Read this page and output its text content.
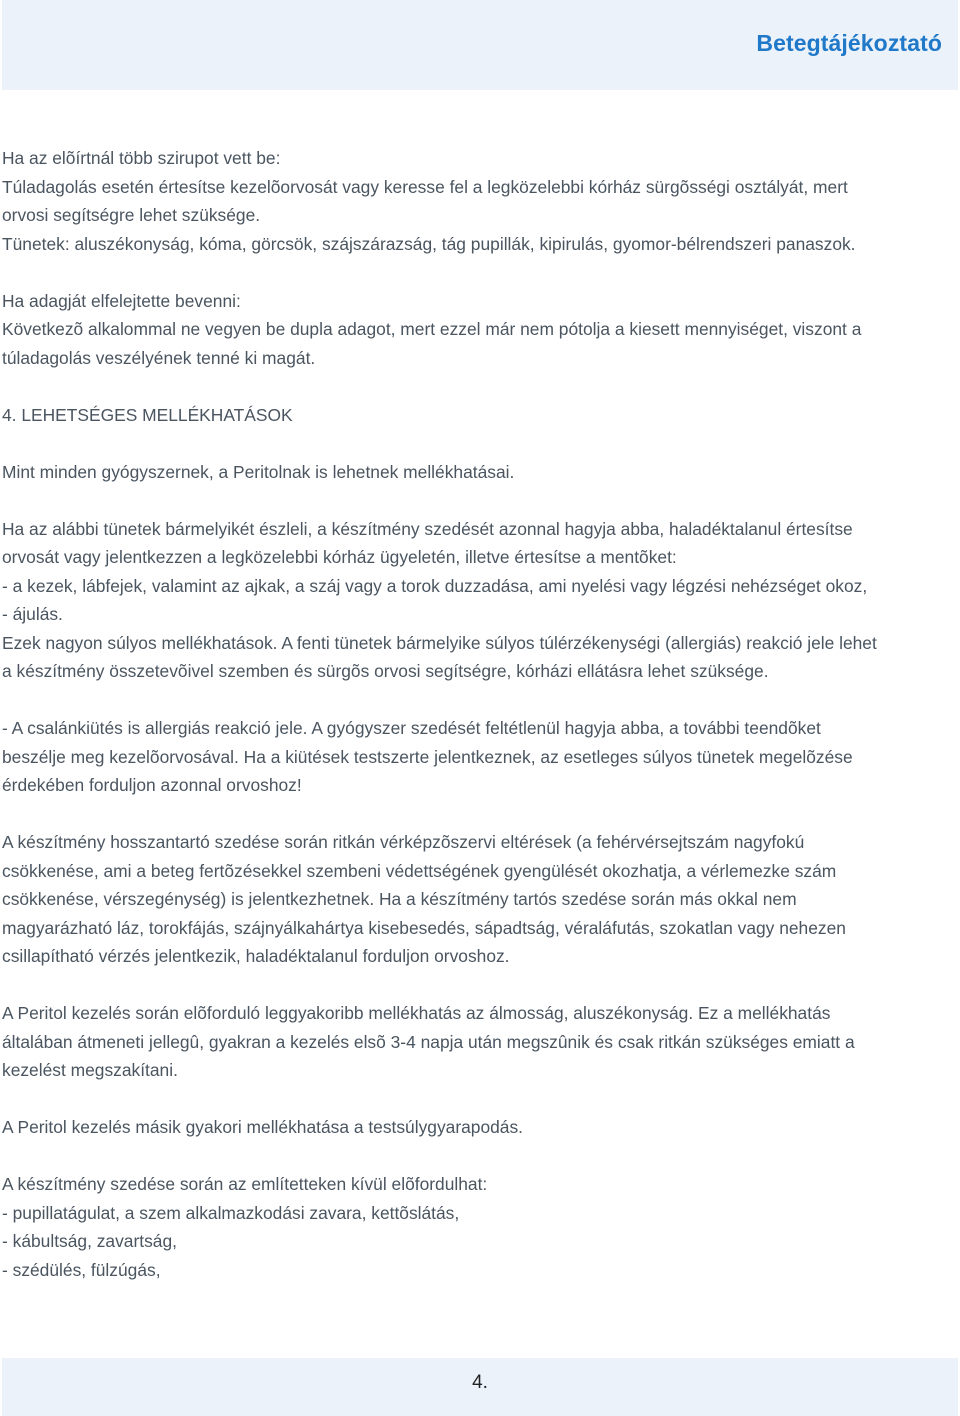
Betegtájékoztató

Ha az elõírtnál több szirupot vett be:

Túladagolás esetén értesítse kezelõorvosát vagy keresse fel a legközelebbi kórház sürgõsségi osztályát, mert

orvosi segítségre lehet szüksége.

Tünetek: aluszékonyság, kóma, görcsök, szájszárazság, tág pupillák, kipirulás, gyomor-bélrendszeri panaszok.

Ha adagját elfelejtette bevenni:

Következõ alkalommal ne vegyen be dupla adagot, mert ezzel már nem pótolja a kiesett mennyiséget, viszont a

túladagolás veszélyének tenné ki magát.

4. LEHETSÉGES MELLÉKHATÁSOK

Mint minden gyógyszernek, a Peritolnak is lehetnek mellékhatásai.

Ha az alábbi tünetek bármelyikét észleli, a készítmény szedését azonnal hagyja abba, haladéktalanul értesítse

orvosát vagy jelentkezzen a legközelebbi kórház ügyeletén, illetve értesítse a mentõket:

- a kezek, lábfejek, valamint az ajkak, a száj vagy a torok duzzadása, ami nyelési vagy légzési nehézséget okoz,

- ájulás.

Ezek nagyon súlyos mellékhatások. A fenti tünetek bármelyike súlyos túlérzékenységi (allergiás) reakció jele lehet

a készítmény összetevõivel szemben és sürgõs orvosi segítségre, kórházi ellátásra lehet szüksége.

- A csalánkiütés is allergiás reakció jele. A gyógyszer szedését feltétlenül hagyja abba, a további teendõket

beszélje meg kezelõorvosával. Ha a kiütések testszerte jelentkeznek, az esetleges súlyos tünetek megelõzése

érdekében forduljon azonnal orvoshoz!

A készítmény hosszantartó szedése során ritkán vérképzõszervi eltérések (a fehérvérsejtszám nagyfokú

csökkenése, ami a beteg fertõzésekkel szembeni védettségének gyengülését okozhatja, a vérlemezke szám

csökkenése, vérszegénység) is jelentkezhetnek. Ha a készítmény tartós szedése során más okkal nem

magyarázható láz, torokfájás, szájnyálkahártya kisebesedés, sápadtság, véraláfutás, szokatlan vagy nehezen

csillapítható vérzés jelentkezik, haladéktalanul forduljon orvoshoz.

A Peritol kezelés során elõforduló leggyakoribb mellékhatás az álmosság, aluszékonyság. Ez a mellékhatás

általában átmeneti jellegû, gyakran a kezelés elsõ 3-4 napja után megszûnik és csak ritkán szükséges emiatt a

kezelést megszakítani.

A Peritol kezelés másik gyakori mellékhatása a testsúlygyarapodás.

A készítmény szedése során az említetteken kívül elõfordulhat:

- pupillatágulat, a szem alkalmazkodási zavara, kettõslátás,

- kábultság, zavartság,

- szédülés, fülzúgás,

4.
